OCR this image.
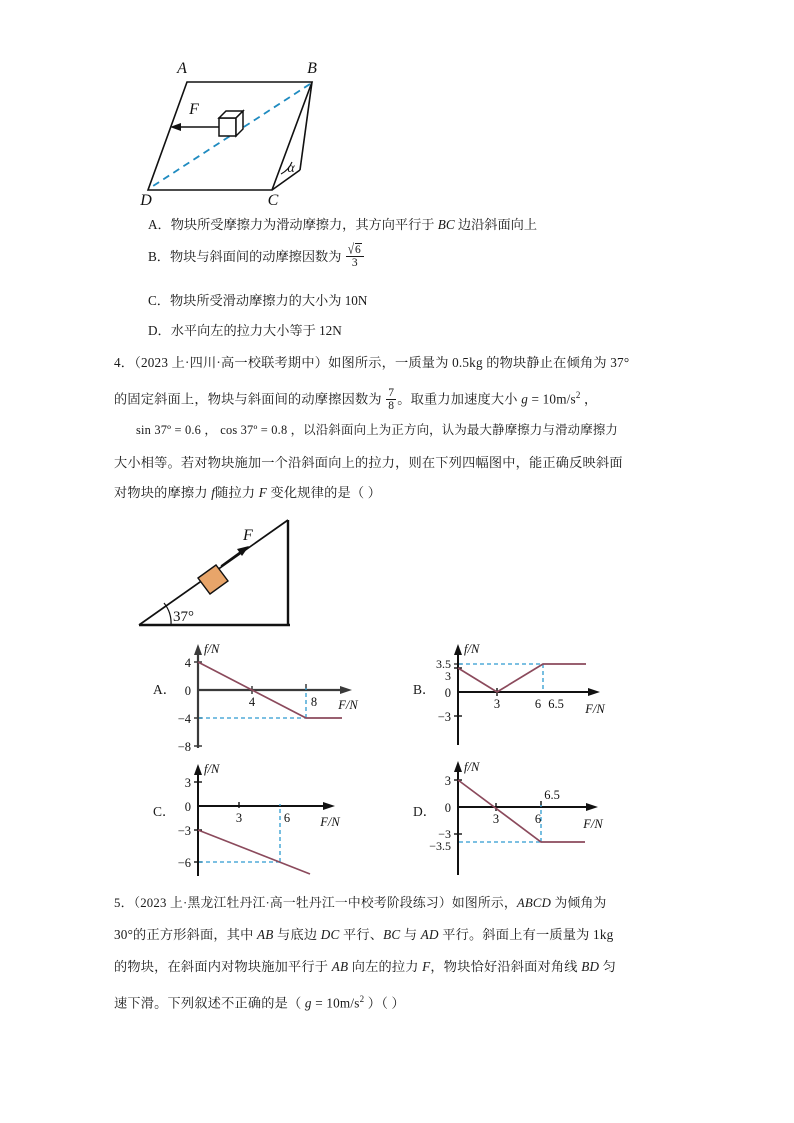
A	B
C
D
F
α
A．物块所受摩擦力为滑动摩擦力，其方向平行于 BC 边沿斜面向上
B．物块与斜面间的动摩擦因数为 $\frac{√6}{3}$
C．物块所受滑动摩擦力的大小为 10N
D．水平向左的拉力大小等于 12N
4．（2023 上·四川·高一校联考期中）如图所示，一质量为 0.5kg 的物块静止在倾角为 37°
的固定斜面上，物块与斜面间的动摩擦因数为 $\frac{7}{8}$ 。取重力加速度大小 $g = 10m/s^2$ ，
sin 37º = 0.6 ， cos 37º = 0.8 ，以沿斜面向上为正方向，认为最大静摩擦力与滑动摩擦力
大小相等。若对物块施加一个沿斜面向上的拉力，则在下列四幅图中，能正确反映斜面
对物块的摩擦力 f随拉力 F 变化规律的是（ ）
37°
F
A．
4
0
−4
−8
4	8
f/N
F/N
B．
3.5
3
0
−3
3	6 6.5
f/N
F/N
C．
3
0
−3
−6
3	6
f/N
F/N
D．
3
0
−3
−3.5
3	6
6.5
f/N
F/N
5．（2023 上·黑龙江牡丹江·高一牡丹江一中校考阶段练习）如图所示，ABCD 为倾角为
30°的正方形斜面，其中 AB 与底边 DC 平行、BC 与 AD 平行。斜面上有一质量为 1kg
的物块，在斜面内对物块施加平行于 AB 向左的拉力 F，物块恰好沿斜面对角线 BD 匀
速下滑。下列叙述不正确的是（ $g = 10m/s^2$ ）（ ）
